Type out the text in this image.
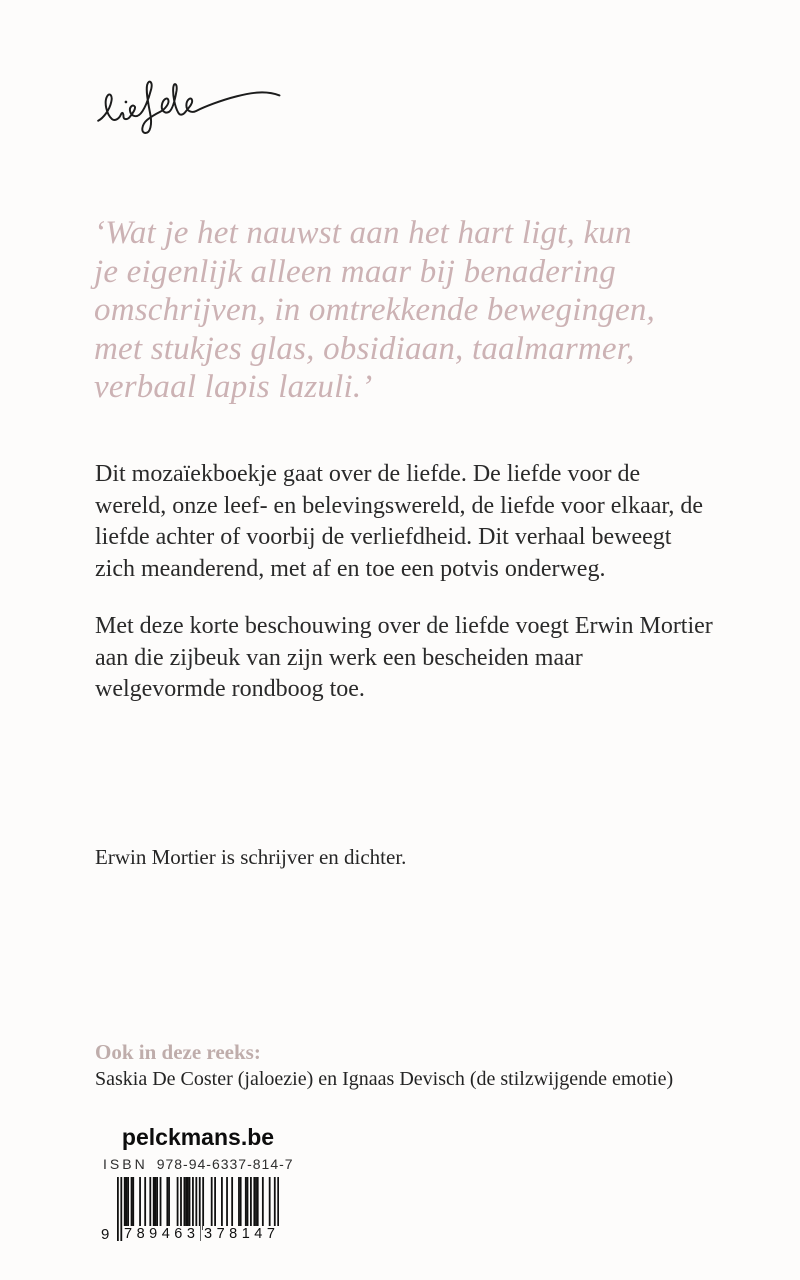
‘Wat je het nauwst aan het hart ligt, kun
je eigenlijk alleen maar bij benadering
omschrijven, in omtrekkende bewegingen,
met stukjes glas, obsidiaan, taalmarmer,
verbaal lapis lazuli.’

Dit mozaïekboekje gaat over de liefde. De liefde voor de wereld, onze leef- en belevingswereld, de liefde voor elkaar, de liefde achter of voorbij de verliefdheid. Dit verhaal beweegt zich meanderend, met af en toe een potvis onderweg.

Met deze korte beschouwing over de liefde voegt Erwin Mortier aan die zijbeuk van zijn werk een bescheiden maar welgevormde rondboog toe.

Erwin Mortier is schrijver en dichter.
Ook in deze reeks:
Saskia De Coster (jaloezie) en Ignaas Devisch (de stilzwijgende emotie)
pelckmans.be
ISBN 978-94-6337-814-7
9 789463 378147
